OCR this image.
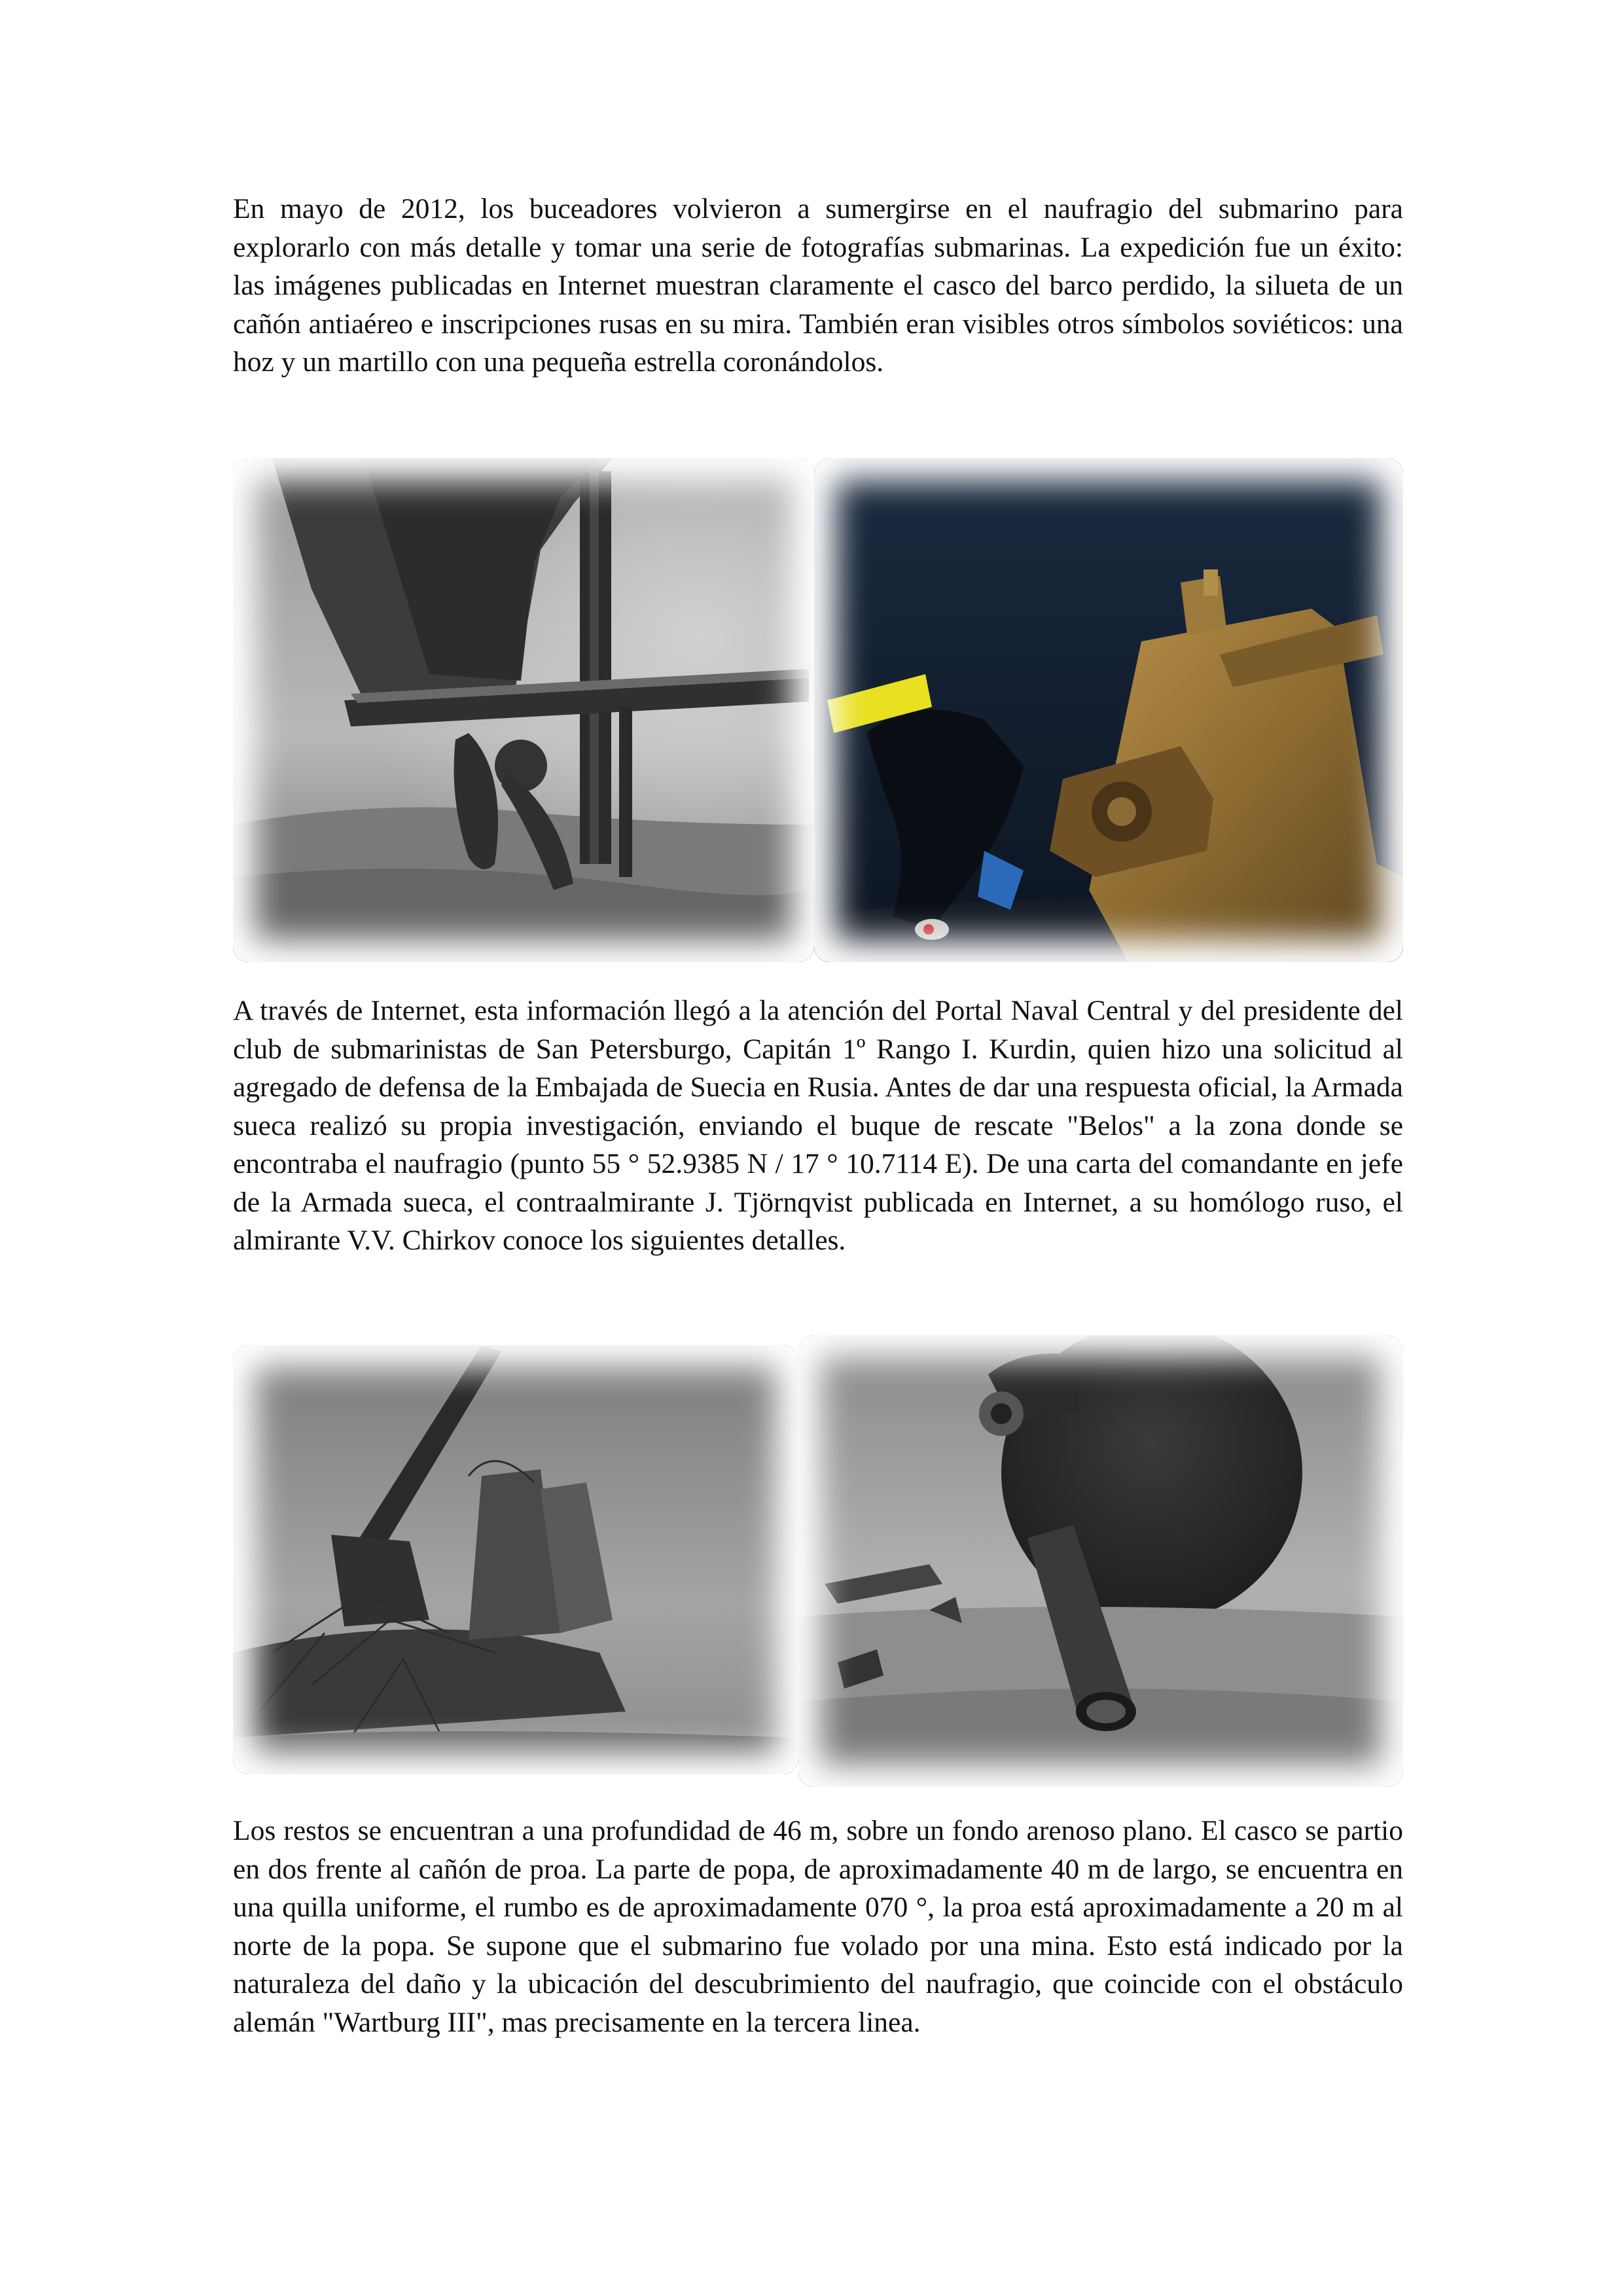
En mayo de 2012, los buceadores volvieron a sumergirse en el naufragio del submarino para explorarlo con más detalle y tomar una serie de fotografías submarinas. La expedición fue un éxito: las imágenes publicadas en Internet muestran claramente el casco del barco perdido, la silueta de un cañón antiaéreo e inscripciones rusas en su mira. También eran visibles otros símbolos soviéticos: una hoz y un martillo con una pequeña estrella coronándolos.

A través de Internet, esta información llegó a la atención del Portal Naval Central y del presidente del club de submarinistas de San Petersburgo, Capitán 1º Rango I. Kurdin, quien hizo una solicitud al agregado de defensa de la Embajada de Suecia en Rusia. Antes de dar una respuesta oficial, la Armada sueca realizó su propia investigación, enviando el buque de rescate "Belos" a la zona donde se encontraba el naufragio (punto 55 ° 52.9385 N / 17 ° 10.7114 E). De una carta del comandante en jefe de la Armada sueca, el contraalmirante J. Tjörnqvist publicada en Internet, a su homólogo ruso, el almirante V.V. Chirkov conoce los siguientes detalles.

Los restos se encuentran a una profundidad de 46 m, sobre un fondo arenoso plano. El casco se partio en dos frente al cañón de proa. La parte de popa, de aproximadamente 40 m de largo, se encuentra en una quilla uniforme, el rumbo es de aproximadamente 070 °, la proa está aproximadamente a 20 m al norte de la popa. Se supone que el submarino fue volado por una mina. Esto está indicado por la naturaleza del daño y la ubicación del descubrimiento del naufragio, que coincide con el obstáculo alemán "Wartburg III", mas precisamente en la tercera linea.
